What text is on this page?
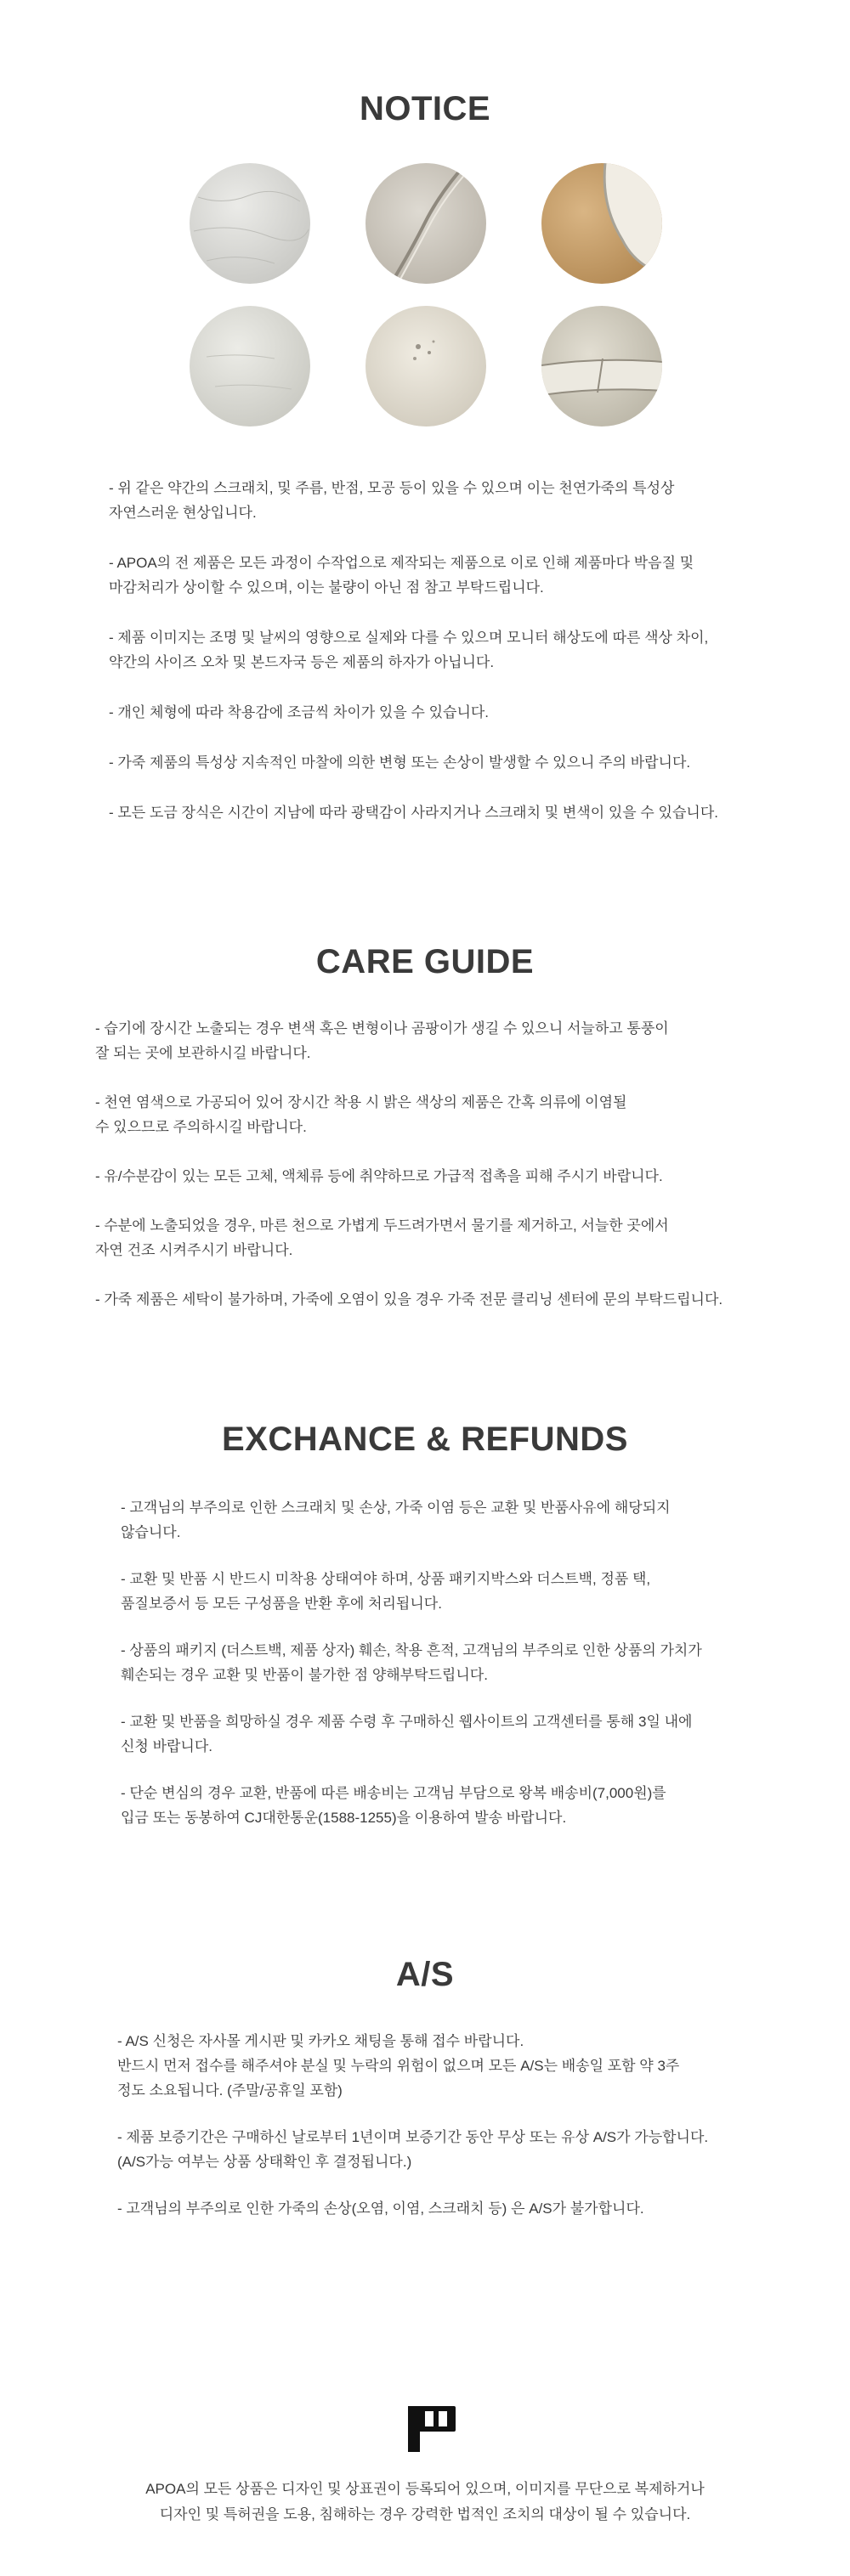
NOTICE
- 위 같은 약간의 스크래치, 및 주름, 반점, 모공 등이 있을 수 있으며 이는 천연가죽의 특성상
자연스러운 현상입니다.
- APOA의 전 제품은 모든 과정이 수작업으로 제작되는 제품으로 이로 인해 제품마다 박음질 및
마감처리가 상이할 수 있으며, 이는 불량이 아닌 점 참고 부탁드립니다.
- 제품 이미지는 조명 및 날씨의 영향으로 실제와 다를 수 있으며 모니터 해상도에 따른 색상 차이,
약간의 사이즈 오차 및 본드자국 등은 제품의 하자가 아닙니다.
- 개인 체형에 따라 착용감에 조금씩 차이가 있을 수 있습니다.
- 가죽 제품의 특성상 지속적인 마찰에 의한 변형 또는 손상이 발생할 수 있으니 주의 바랍니다.
- 모든 도금 장식은 시간이 지남에 따라 광택감이 사라지거나 스크래치 및 변색이 있을 수 있습니다.
CARE GUIDE
- 습기에 장시간 노출되는 경우 변색 혹은 변형이나 곰팡이가 생길 수 있으니 서늘하고 통풍이
잘 되는 곳에 보관하시길 바랍니다.
- 천연 염색으로 가공되어 있어 장시간 착용 시 밝은 색상의 제품은 간혹 의류에 이염될
수 있으므로 주의하시길 바랍니다.
- 유/수분감이 있는 모든 고체, 액체류 등에 취약하므로 가급적 접촉을 피해 주시기 바랍니다.
- 수분에 노출되었을 경우, 마른 천으로 가볍게 두드려가면서 물기를 제거하고, 서늘한 곳에서
자연 건조 시켜주시기 바랍니다.
- 가죽 제품은 세탁이 불가하며, 가죽에 오염이 있을 경우 가죽 전문 클리닝 센터에 문의 부탁드립니다.
EXCHANCE & REFUNDS
- 고객님의 부주의로 인한 스크래치 및 손상, 가죽 이염 등은 교환 및 반품사유에 해당되지
않습니다.
- 교환 및 반품 시 반드시 미착용 상태여야 하며, 상품 패키지박스와 더스트백, 정품 택,
품질보증서 등 모든 구성품을 반환 후에 처리됩니다.
- 상품의 패키지 (더스트백, 제품 상자) 훼손, 착용 흔적, 고객님의 부주의로 인한 상품의 가치가
훼손되는 경우 교환 및 반품이 불가한 점 양해부탁드립니다.
- 교환 및 반품을 희망하실 경우 제품 수령 후 구매하신 웹사이트의 고객센터를 통해 3일 내에
신청 바랍니다.
- 단순 변심의 경우 교환, 반품에 따른 배송비는 고객님 부담으로 왕복 배송비(7,000원)를
입금 또는 동봉하여 CJ대한통운(1588-1255)을 이용하여 발송 바랍니다.
A/S
- A/S 신청은 자사몰 게시판 및 카카오 채팅을 통해 접수 바랍니다.
반드시 먼저 접수를 해주셔야 분실 및 누락의 위험이 없으며 모든 A/S는 배송일 포함 약 3주
정도 소요됩니다. (주말/공휴일 포함)
- 제품 보증기간은 구매하신 날로부터 1년이며 보증기간 동안 무상 또는 유상 A/S가 가능합니다.
(A/S가능 여부는 상품 상태확인 후 결정됩니다.)
- 고객님의 부주의로 인한 가죽의 손상(오염, 이염, 스크래치 등) 은 A/S가 불가합니다.
APOA의 모든 상품은 디자인 및 상표권이 등록되어 있으며, 이미지를 무단으로 복제하거나
디자인 및 특허권을 도용, 침해하는 경우 강력한 법적인 조치의 대상이 될 수 있습니다.
